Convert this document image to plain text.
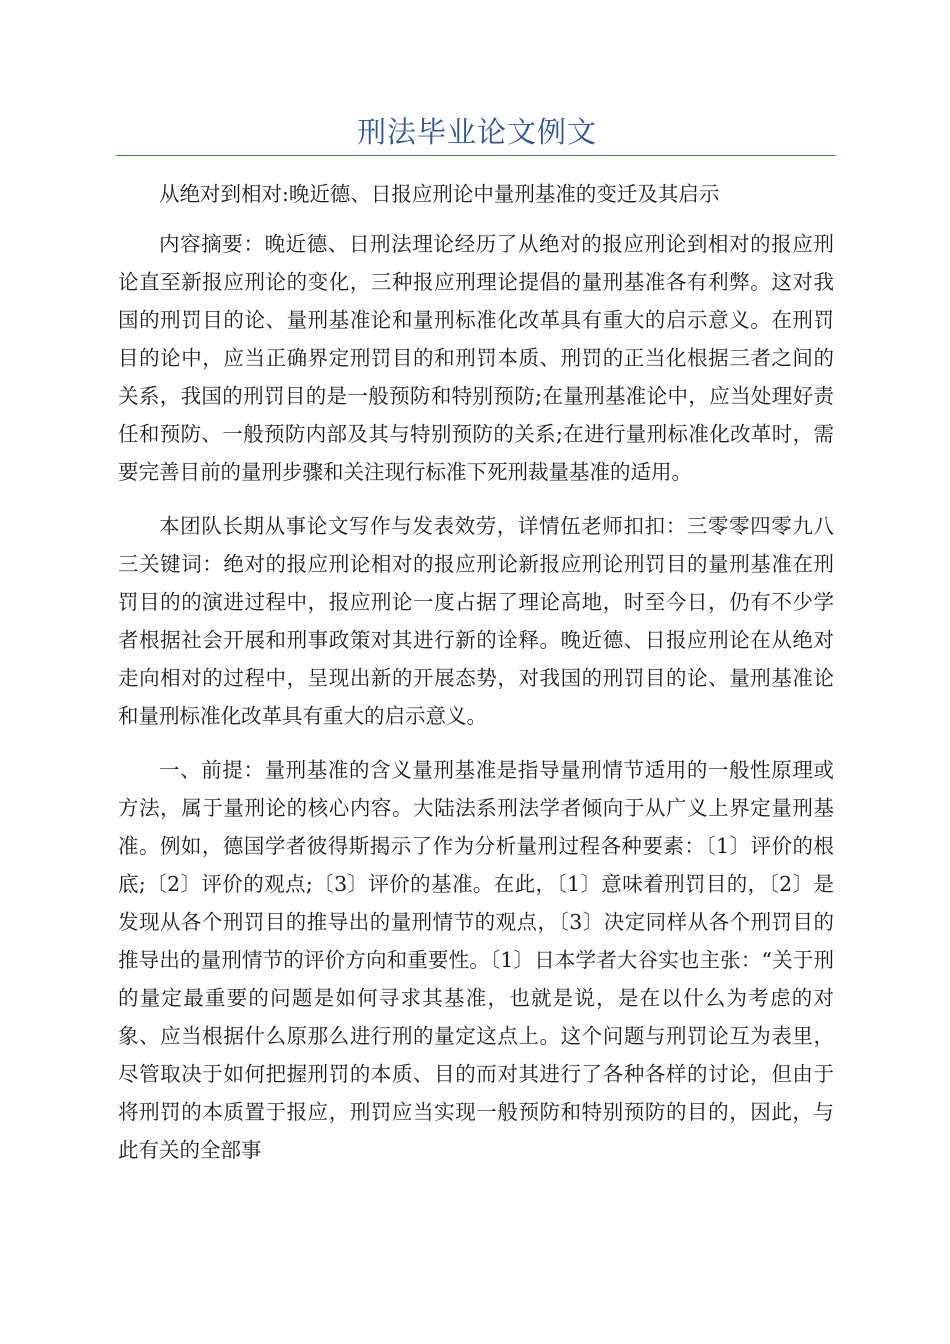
刑法毕业论文例文

从绝对到相对:晚近德、日报应刑论中量刑基准的变迁及其启示

内容摘要：晚近德、日刑法理论经历了从绝对的报应刑论到相对的报应刑论直至新报应刑论的变化，三种报应刑理论提倡的量刑基准各有利弊。这对我国的刑罚目的论、量刑基准论和量刑标准化改革具有重大的启示意义。在刑罚目的论中，应当正确界定刑罚目的和刑罚本质、刑罚的正当化根据三者之间的关系，我国的刑罚目的是一般预防和特别预防;在量刑基准论中，应当处理好责任和预防、一般预防内部及其与特别预防的关系;在进行量刑标准化改革时，需要完善目前的量刑步骤和关注现行标准下死刑裁量基准的适用。

本团队长期从事论文写作与发表效劳，详情伍老师扣扣：三零零四零九八三关键词：绝对的报应刑论相对的报应刑论新报应刑论刑罚目的量刑基准在刑罚目的的演进过程中，报应刑论一度占据了理论高地，时至今日，仍有不少学者根据社会开展和刑事政策对其进行新的诠释。晚近德、日报应刑论在从绝对走向相对的过程中，呈现出新的开展态势，对我国的刑罚目的论、量刑基准论和量刑标准化改革具有重大的启示意义。

一、前提：量刑基准的含义量刑基准是指导量刑情节适用的一般性原理或方法，属于量刑论的核心内容。大陆法系刑法学者倾向于从广义上界定量刑基准。例如，德国学者彼得斯揭示了作为分析量刑过程各种要素：〔1〕评价的根底;〔2〕评价的观点;〔3〕评价的基准。在此，〔1〕意味着刑罚目的，〔2〕是发现从各个刑罚目的推导出的量刑情节的观点，〔3〕决定同样从各个刑罚目的推导出的量刑情节的评价方向和重要性。〔1〕日本学者大谷实也主张：“关于刑的量定最重要的问题是如何寻求其基准，也就是说，是在以什么为考虑的对象、应当根据什么原那么进行刑的量定这点上。这个问题与刑罚论互为表里，尽管取决于如何把握刑罚的本质、目的而对其进行了各种各样的讨论，但由于将刑罚的本质置于报应，刑罚应当实现一般预防和特别预防的目的，因此，与此有关的全部事
